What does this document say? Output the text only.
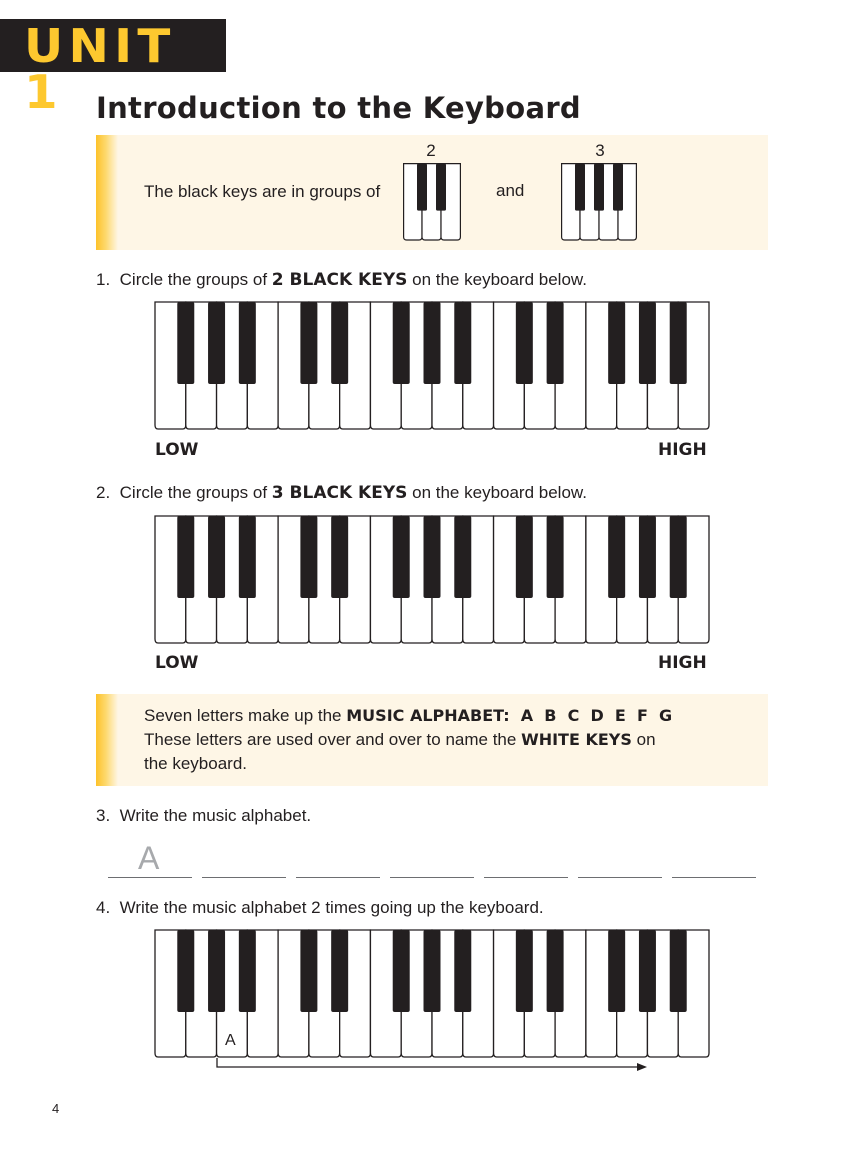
UNIT 1	Introduction to the Keyboard
The black keys are in groups of
2
and
3
1. Circle the groups of 2 BLACK KEYS on the keyboard below.
LOW	HIGH
2. Circle the groups of 3 BLACK KEYS on the keyboard below.
LOW	HIGH
Seven letters make up the MUSIC ALPHABET:  A  B  C  D  E  F  G
These letters are used over and over to name the WHITE KEYS on
the keyboard.
3. Write the music alphabet.
A
4. Write the music alphabet 2 times going up the keyboard.
A
4
